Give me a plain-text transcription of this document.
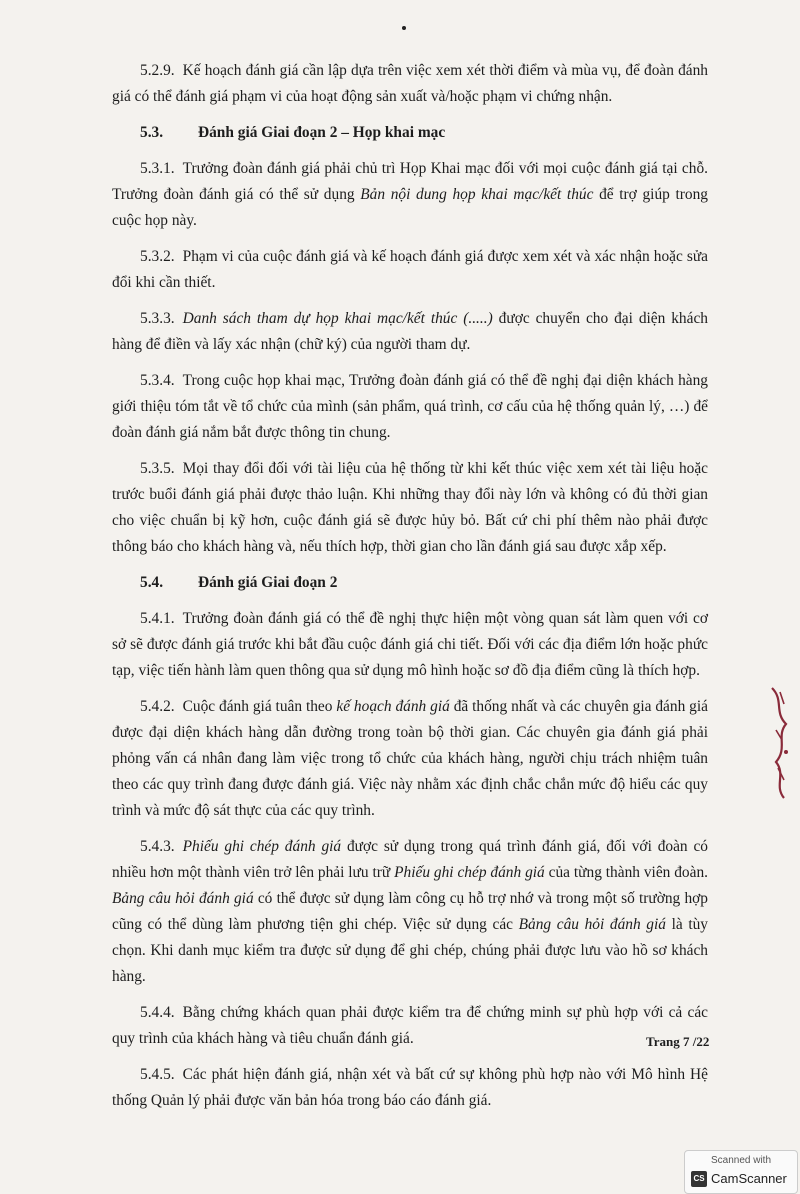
5.2.9. Kế hoạch đánh giá cần lập dựa trên việc xem xét thời điểm và mùa vụ, để đoàn đánh giá có thể đánh giá phạm vi của hoạt động sản xuất và/hoặc phạm vi chứng nhận.

5.3. Đánh giá Giai đoạn 2 – Họp khai mạc

5.3.1. Trưởng đoàn đánh giá phải chủ trì Họp Khai mạc đối với mọi cuộc đánh giá tại chỗ. Trưởng đoàn đánh giá có thể sử dụng Bản nội dung họp khai mạc/kết thúc để trợ giúp trong cuộc họp này.

5.3.2. Phạm vi của cuộc đánh giá và kế hoạch đánh giá được xem xét và xác nhận hoặc sửa đổi khi cần thiết.

5.3.3. Danh sách tham dự họp khai mạc/kết thúc (.....) được chuyển cho đại diện khách hàng để điền và lấy xác nhận (chữ ký) của người tham dự.

5.3.4. Trong cuộc họp khai mạc, Trưởng đoàn đánh giá có thể đề nghị đại diện khách hàng giới thiệu tóm tắt về tổ chức của mình (sản phẩm, quá trình, cơ cấu của hệ thống quản lý, …) để đoàn đánh giá nắm bắt được thông tin chung.

5.3.5. Mọi thay đổi đối với tài liệu của hệ thống từ khi kết thúc việc xem xét tài liệu hoặc trước buổi đánh giá phải được thảo luận. Khi những thay đổi này lớn và không có đủ thời gian cho việc chuẩn bị kỹ hơn, cuộc đánh giá sẽ được hủy bỏ. Bất cứ chi phí thêm nào phải được thông báo cho khách hàng và, nếu thích hợp, thời gian cho lần đánh giá sau được xắp xếp.

5.4. Đánh giá Giai đoạn 2

5.4.1. Trưởng đoàn đánh giá có thể đề nghị thực hiện một vòng quan sát làm quen với cơ sở sẽ được đánh giá trước khi bắt đầu cuộc đánh giá chi tiết. Đối với các địa điểm lớn hoặc phức tạp, việc tiến hành làm quen thông qua sử dụng mô hình hoặc sơ đồ địa điểm cũng là thích hợp.

5.4.2. Cuộc đánh giá tuân theo kế hoạch đánh giá đã thống nhất và các chuyên gia đánh giá được đại diện khách hàng dẫn đường trong toàn bộ thời gian. Các chuyên gia đánh giá phải phỏng vấn cá nhân đang làm việc trong tổ chức của khách hàng, người chịu trách nhiệm tuân theo các quy trình đang được đánh giá. Việc này nhằm xác định chắc chắn mức độ hiểu các quy trình và mức độ sát thực của các quy trình.

5.4.3. Phiếu ghi chép đánh giá được sử dụng trong quá trình đánh giá, đối với đoàn có nhiều hơn một thành viên trở lên phải lưu trữ Phiếu ghi chép đánh giá của từng thành viên đoàn. Bảng câu hỏi đánh giá có thể được sử dụng làm công cụ hỗ trợ nhớ và trong một số trường hợp cũng có thể dùng làm phương tiện ghi chép. Việc sử dụng các Bảng câu hỏi đánh giá là tùy chọn. Khi danh mục kiểm tra được sử dụng để ghi chép, chúng phải được lưu vào hồ sơ khách hàng.

5.4.4. Bằng chứng khách quan phải được kiểm tra để chứng minh sự phù hợp với cả các quy trình của khách hàng và tiêu chuẩn đánh giá.

5.4.5. Các phát hiện đánh giá, nhận xét và bất cứ sự không phù hợp nào với Mô hình Hệ thống Quản lý phải được văn bản hóa trong báo cáo đánh giá.

Trang 7 /22
Scanned with
CS CamScanner
